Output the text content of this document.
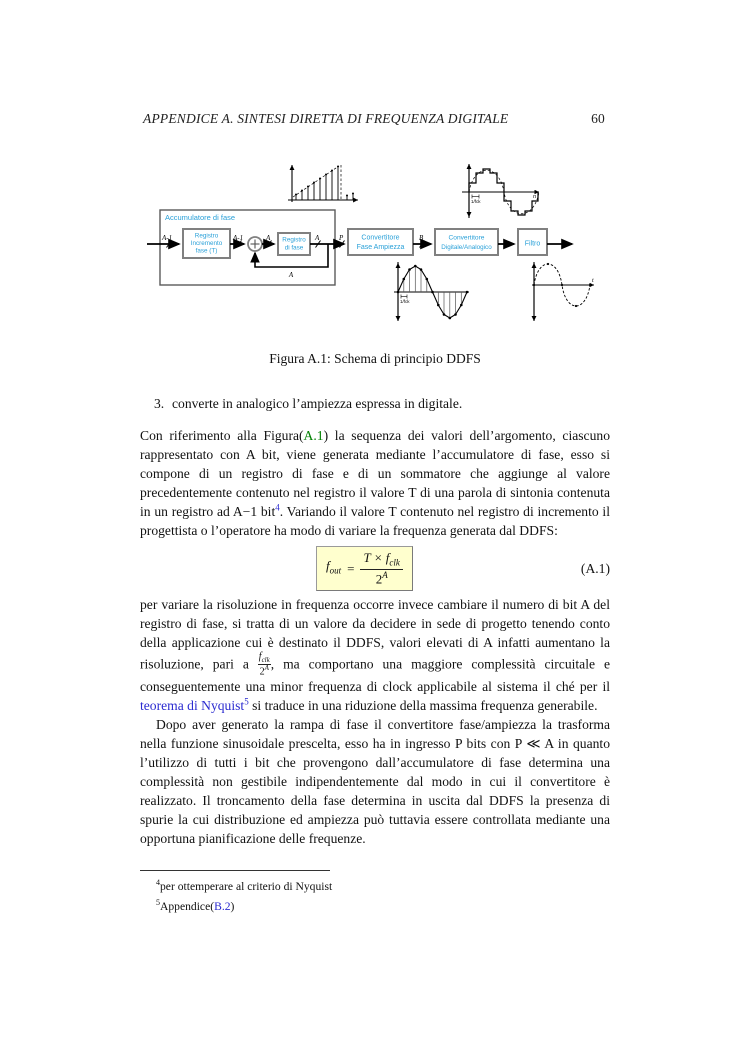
APPENDICE A. SINTESI DIRETTA DI FREQUENZA DIGITALE	60
Accumulatore di fase
Registro
Incremento
fase (T)
Registro
di fase
A
Convertitore
Fase Ampiezza
Convertitore
Digitale/Analogico	Filtro
A-1	A-1	A	A	P	B
1/fck
n
1/fck
t
Figura A.1: Schema di principio DDFS
3. converte in analogico l’ampiezza espressa in digitale.

Con riferimento alla Figura(A.1) la sequenza dei valori dell’argomento, ciascuno rappresentato con A bit, viene generata mediante l’accumulatore di fase, esso si compone di un registro di fase e di un sommatore che aggiunge al valore precedentemente contenuto nel registro il valore T di una parola di sintonia contenuta in un registro ad A−1 bit$^4$. Variando il valore T contenuto nel registro di incremento il progettista o l’operatore ha modo di variare la frequenza generata dal DDFS:

$f_{out} = \frac{T \times f_{clk}}{2^A}$	(A.1)

per variare la risoluzione in frequenza occorre invece cambiare il numero di bit A del registro di fase, si tratta di un valore da decidere in sede di progetto tenendo conto della applicazione cui è destinato il DDFS, valori elevati di A infatti aumentano la risoluzione, pari a $\frac{f_{clk}}{2^A}$ , ma comportano una maggiore complessità circuitale e conseguentemente una minor frequenza di clock applicabile al sistema il ché per il teorema di Nyquist$^5$ si traduce in una riduzione della massima frequenza generabile.

Dopo aver generato la rampa di fase il convertitore fase/ampiezza la trasforma nella funzione sinusoidale prescelta, esso ha in ingresso P bits con P ≪ A in quanto l’utilizzo di tutti i bit che provengono dall’accumulatore di fase determina una complessità non gestibile indipendentemente dal modo in cui il convertitore è realizzato. Il troncamento della fase determina in uscita dal DDFS la presenza di spurie la cui distribuzione ed ampiezza può tuttavia essere controllata mediante una opportuna pianificazione delle frequenze.

$^4$per ottemperare al criterio di Nyquist
$^5$Appendice(B.2)
